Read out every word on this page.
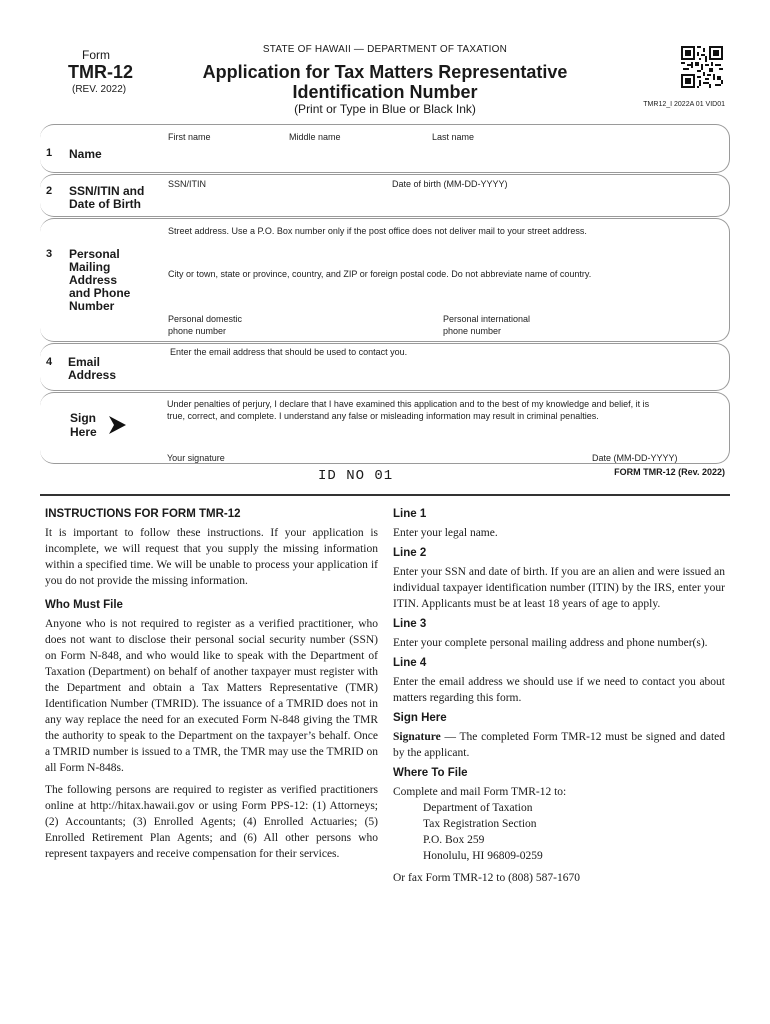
Form
TMR-12
(REV. 2022)
STATE OF HAWAII — DEPARTMENT OF TAXATION
Application for Tax Matters Representative
Identification Number
(Print or Type in Blue or Black Ink)	TMR12_I 2022A 01 VID01
First name	Middle name	Last name
1 Name
SSN/ITIN	Date of birth (MM-DD-YYYY)
2 SSN/ITIN and
Date of Birth
Street address. Use a P.O. Box number only if the post office does not deliver mail to your street address.
City or town, state or province, country, and ZIP or foreign postal code. Do not abbreviate name of country.
Personal domestic
phone number
Personal international
phone number
3 Personal
Mailing
Address
and Phone
Number
Enter the email address that should be used to contact you.
4 Email
Address
Under penalties of perjury, I declare that I have examined this application and to the best of my knowledge and belief, it is
true, correct, and complete. I understand any false or misleading information may result in criminal penalties.
Your signature	Date (MM-DD-YYYY)
Sign
Here
ID NO 01	FORM TMR-12 (Rev. 2022)
INSTRUCTIONS FOR FORM TMR-12
It is important to follow these instructions. If your application is incomplete, we will request that you supply the missing information within a specified time. We will be unable to process your application if you do not provide the missing information.
Who Must File
Anyone who is not required to register as a verified practitioner, who does not want to disclose their personal social security number (SSN) on Form N-848, and who would like to speak with the Department of Taxation (Department) on behalf of another taxpayer must register with the Department and obtain a Tax Matters Representative (TMR) Identification Number (TMRID). The issuance of a TMRID does not in any way replace the need for an executed Form N-848 giving the TMR the authority to speak to the Department on the taxpayer’s behalf. Once a TMRID number is issued to a TMR, the TMR may use the TMRID on all Form N-848s.
The following persons are required to register as verified practitioners online at http://hitax.hawaii.gov or using Form PPS-12: (1) Attorneys; (2) Accountants; (3) Enrolled Agents; (4) Enrolled Actuaries; (5) Enrolled Retirement Plan Agents; and (6) All other persons who represent taxpayers and receive compensation for their services.
Line 1
Enter your legal name.
Line 2
Enter your SSN and date of birth. If you are an alien and were issued an individual taxpayer identification number (ITIN) by the IRS, enter your ITIN. Applicants must be at least 18 years of age to apply.
Line 3
Enter your complete personal mailing address and phone number(s).
Line 4
Enter the email address we should use if we need to contact you about matters regarding this form.
Sign Here
Signature — The completed Form TMR-12 must be signed and dated by the applicant.
Where To File
Complete and mail Form TMR-12 to:
Department of Taxation
Tax Registration Section
P.O. Box 259
Honolulu, HI 96809-0259
Or fax Form TMR-12 to (808) 587-1670
